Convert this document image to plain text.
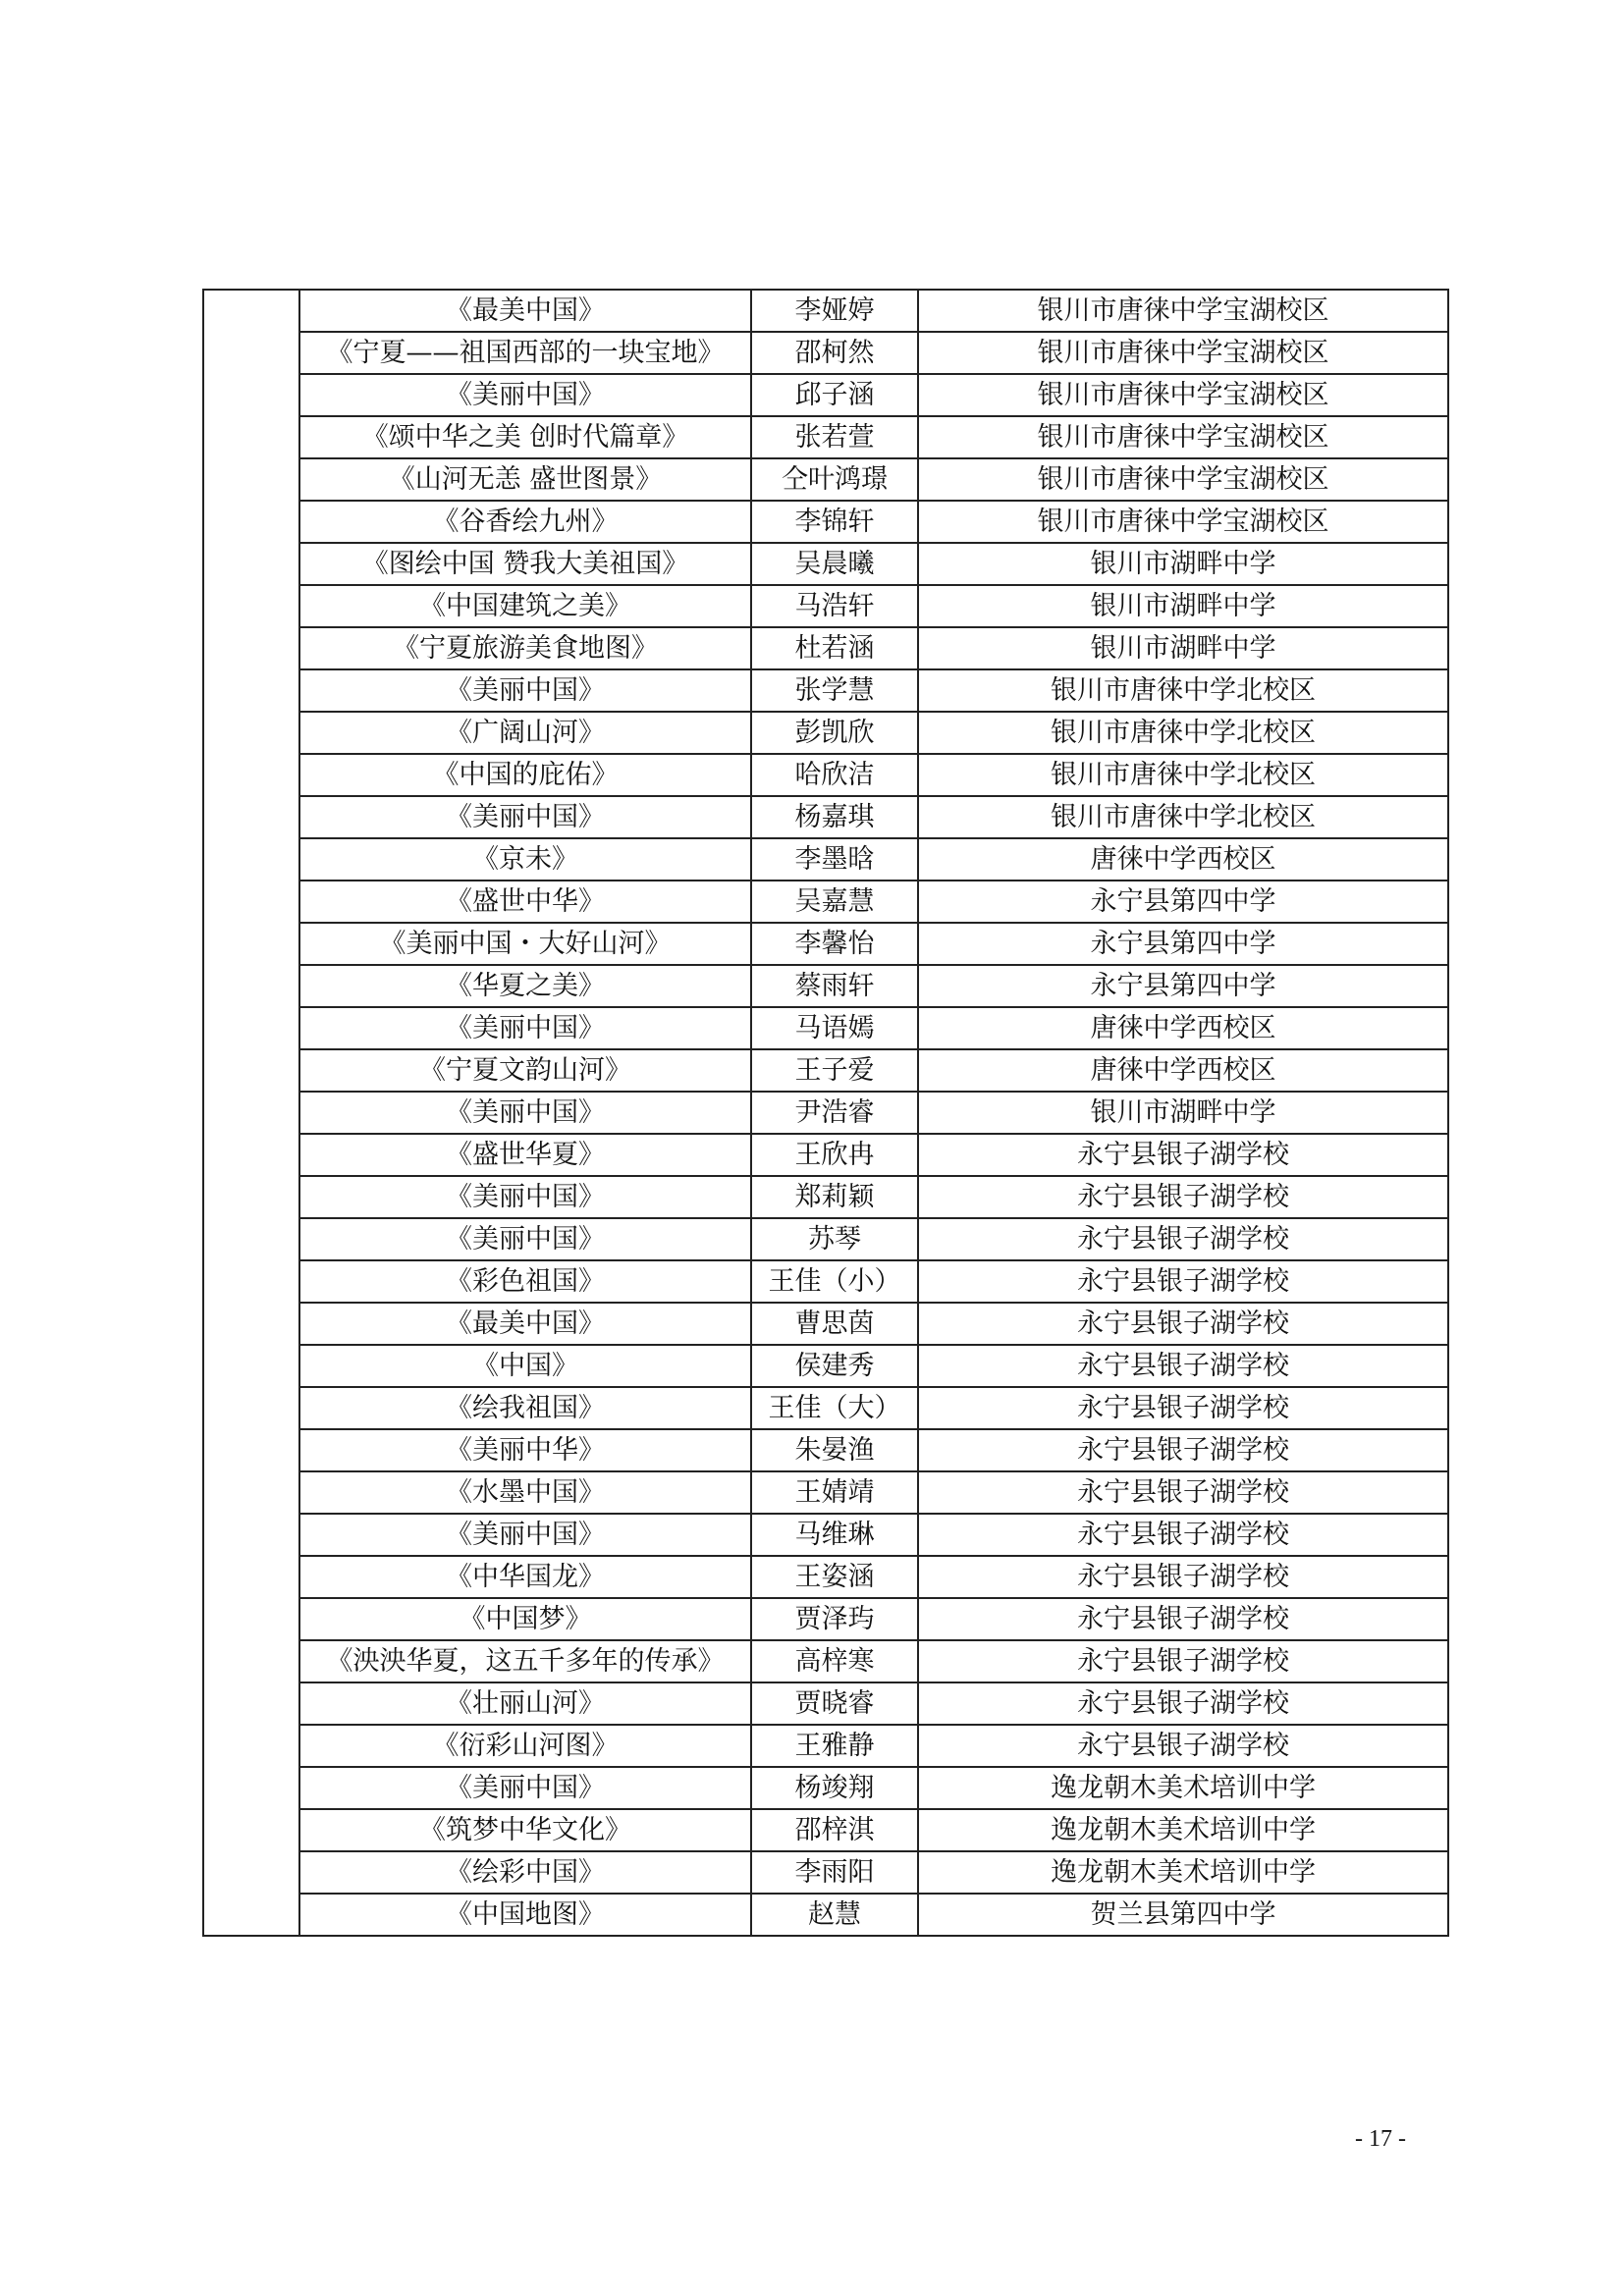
	《最美中国》	李娅婷	银川市唐徕中学宝湖校区
	《宁夏——祖国西部的一块宝地》	邵柯然	银川市唐徕中学宝湖校区
	《美丽中国》	邱子涵	银川市唐徕中学宝湖校区
	《颂中华之美 创时代篇章》	张若萱	银川市唐徕中学宝湖校区
	《山河无恙 盛世图景》	仝叶鸿璟	银川市唐徕中学宝湖校区
	《谷香绘九州》	李锦轩	银川市唐徕中学宝湖校区
	《图绘中国 赞我大美祖国》	吴晨曦	银川市湖畔中学
	《中国建筑之美》	马浩轩	银川市湖畔中学
	《宁夏旅游美食地图》	杜若涵	银川市湖畔中学
	《美丽中国》	张学慧	银川市唐徕中学北校区
	《广阔山河》	彭凯欣	银川市唐徕中学北校区
	《中国的庇佑》	哈欣洁	银川市唐徕中学北校区
	《美丽中国》	杨嘉琪	银川市唐徕中学北校区
	《京未》	李墨晗	唐徕中学西校区
	《盛世中华》	吴嘉慧	永宁县第四中学
	《美丽中国・大好山河》	李馨怡	永宁县第四中学
	《华夏之美》	蔡雨轩	永宁县第四中学
	《美丽中国》	马语嫣	唐徕中学西校区
	《宁夏文韵山河》	王子爱	唐徕中学西校区
	《美丽中国》	尹浩睿	银川市湖畔中学
	《盛世华夏》	王欣冉	永宁县银子湖学校
	《美丽中国》	郑莉颖	永宁县银子湖学校
	《美丽中国》	苏琴	永宁县银子湖学校
	《彩色祖国》	王佳（小）	永宁县银子湖学校
	《最美中国》	曹思茵	永宁县银子湖学校
	《中国》	侯建秀	永宁县银子湖学校
	《绘我祖国》	王佳（大）	永宁县银子湖学校
	《美丽中华》	朱晏渔	永宁县银子湖学校
	《水墨中国》	王婧靖	永宁县银子湖学校
	《美丽中国》	马维琳	永宁县银子湖学校
	《中华国龙》	王姿涵	永宁县银子湖学校
	《中国梦》	贾泽玙	永宁县银子湖学校
	《泱泱华夏，这五千多年的传承》	高梓寒	永宁县银子湖学校
	《壮丽山河》	贾晓睿	永宁县银子湖学校
	《衍彩山河图》	王雅静	永宁县银子湖学校
	《美丽中国》	杨竣翔	逸龙朝木美术培训中学
	《筑梦中华文化》	邵梓淇	逸龙朝木美术培训中学
	《绘彩中国》	李雨阳	逸龙朝木美术培训中学
	《中国地图》	赵慧	贺兰县第四中学
- 17 -
